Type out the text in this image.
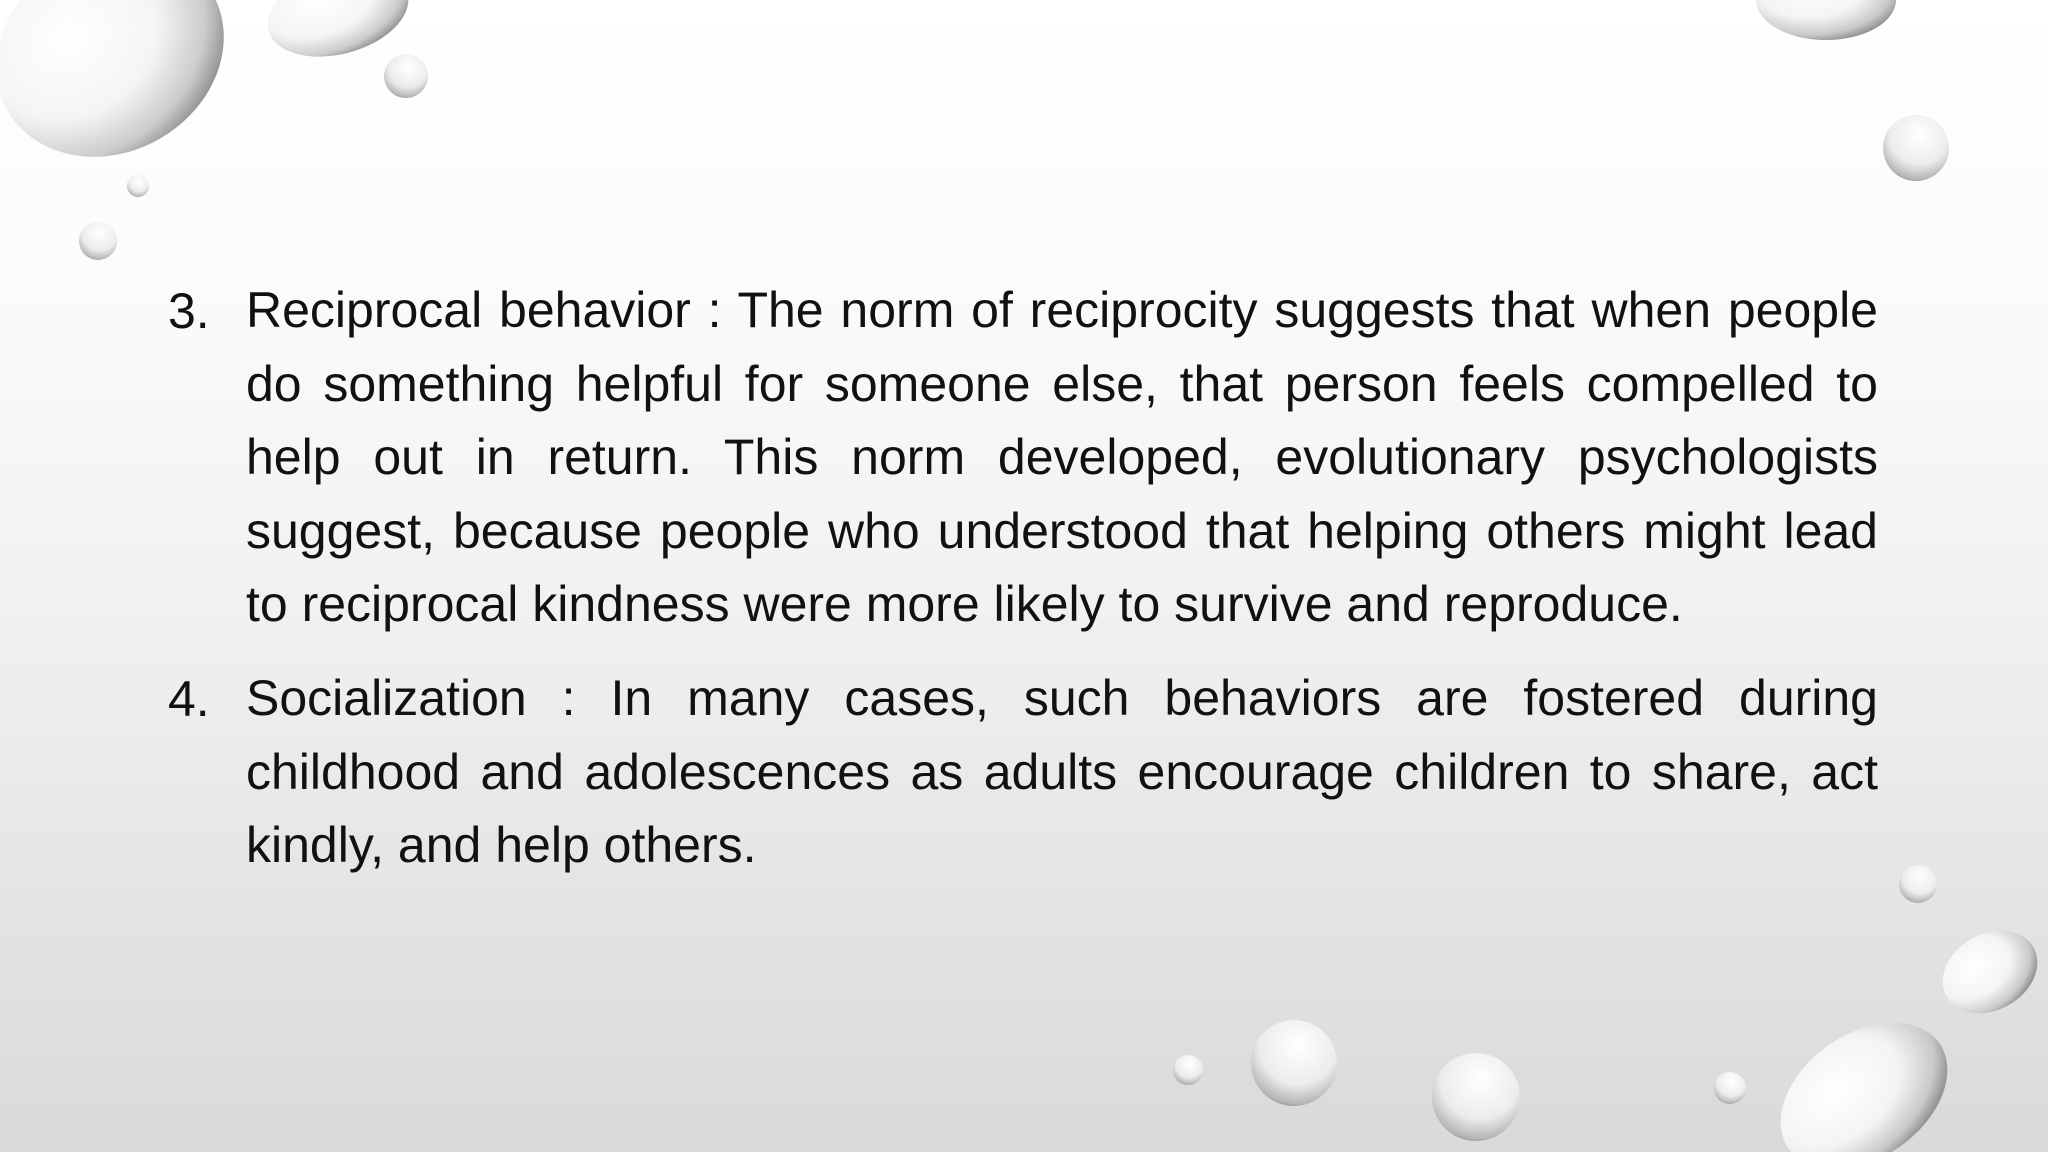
3. Reciprocal behavior : The norm of reciprocity suggests that when people do something helpful for someone else, that person feels compelled to help out in return. This norm developed, evolutionary psychologists suggest, because people who understood that helping others might lead to reciprocal kindness were more likely to survive and reproduce.

4. Socialization : In many cases, such behaviors are fostered during childhood and adolescences as adults encourage children to share, act kindly, and help others.
